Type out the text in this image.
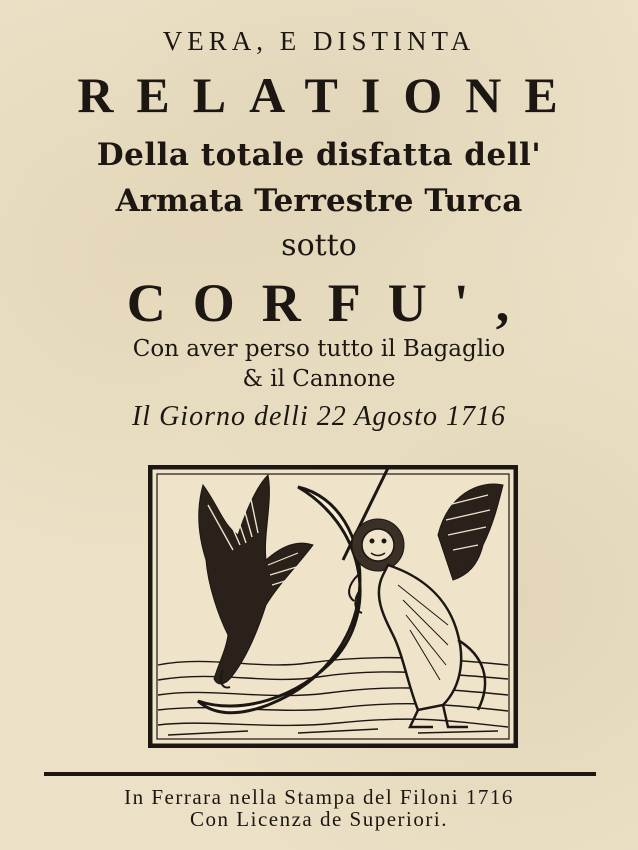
VERA, E DISTINTA
RELATIONE
Della totale disfatta dell'
Armata Terrestre Turca
sotto
CORFU',
Con aver perso tutto il Bagaglio
& il Cannone
Il Giorno delli 22 Agosto 1716
In Ferrara nella Stampa del Filoni 1716
Con Licenza de Superiori.
